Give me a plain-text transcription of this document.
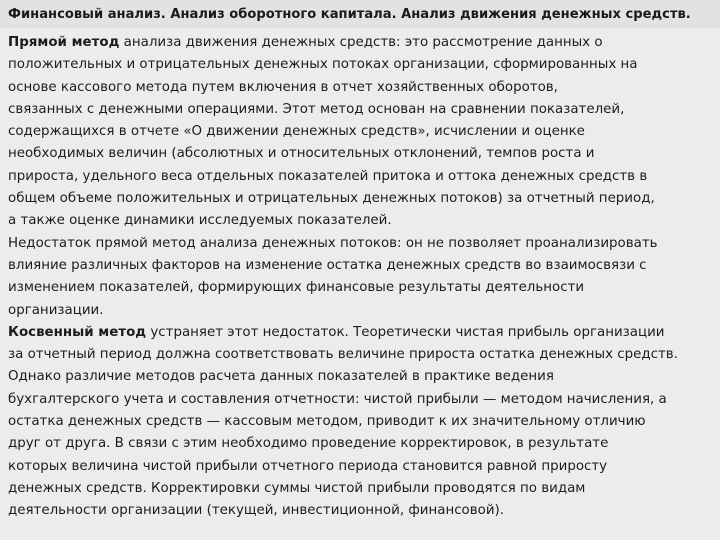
Финансовый анализ. Анализ оборотного капитала. Анализ движения денежных средств.
Прямой метод анализа движения денежных средств: это рассмотрение данных о
положительных и отрицательных денежных потоках организации, сформированных на
основе кассового метода путем включения в отчет хозяйственных оборотов,
связанных с денежными операциями. Этот метод основан на сравнении показателей,
содержащихся в отчете «О движении денежных средств», исчислении и оценке
необходимых величин (абсолютных и относительных отклонений, темпов роста и
прироста, удельного веса отдельных показателей притока и оттока денежных средств в
общем объеме положительных и отрицательных денежных потоков) за отчетный период,
а также оценке динамики исследуемых показателей.
Недостаток прямой метод анализа денежных потоков: он не позволяет проанализировать
влияние различных факторов на изменение остатка денежных средств во взаимосвязи с
изменением показателей, формирующих финансовые результаты деятельности
организации.
Косвенный метод устраняет этот недостаток. Теоретически чистая прибыль организации
за отчетный период должна соответствовать величине прироста остатка денежных средств.
Однако различие методов расчета данных показателей в практике ведения
бухгалтерского учета и составления отчетности: чистой прибыли — методом начисления, а
остатка денежных средств — кассовым методом, приводит к их значительному отличию
друг от друга. В связи с этим необходимо проведение корректировок, в результате
которых величина чистой прибыли отчетного периода становится равной приросту
денежных средств. Корректировки суммы чистой прибыли проводятся по видам
деятельности организации (текущей, инвестиционной, финансовой).
